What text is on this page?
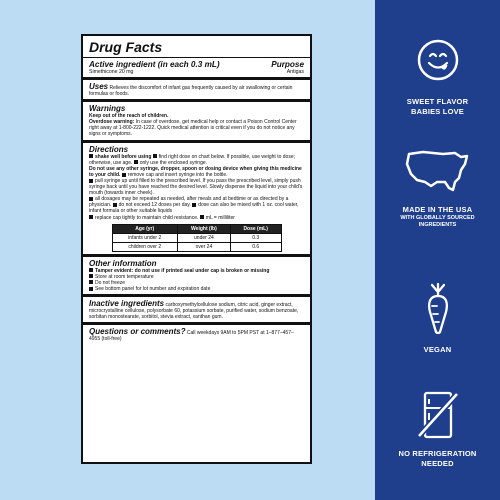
Drug Facts
Active ingredient (in each 0.3 mL)	Purpose
Simethicone 20 mg	Antigas
Uses Relieves the discomfort of infant gas frequently caused by air swallowing or certain formulas or foods.
Warnings
Keep out of the reach of children.
Overdose warning: In case of overdose, get medical help or contact a Poison Control Center right away at 1-800-222-1222. Quick medical attention is critical even if you do not notice any signs or symptoms.
Directions
shake well before using find right dose on chart below. If possible, use weight to dose; otherwise, use age. only use the enclosed syringe.
Do not use any other syringe, dropper, spoon or dosing device when giving this medicine to your child. remove cap and insert syringe into the bottle.
pull syringe up until filled to the prescribed level. If you pass the prescribed level, simply push syringe back until you have reached the desired level. Slowly dispense the liquid into your child's mouth (towards inner cheek).
all dosages may be repeated as needed, after meals and at bedtime or as directed by a physician. do not exceed 12 doses per day. dose can also be mixed with 1 oz. cool water, infant formula or other suitable liquids
replace cap tightly to maintain child resistance. mL = milliliter
Age (yr)	Weight (lb)	Dose (mL)
infants under 2	under 24	0.3
children over 2	over 24	0.6
Other information
Tamper evident: do not use if printed seal under cap is broken or missing
Store at room temperature
Do not freeze
See bottom panel for lot number and expiration date
Inactive ingredients carboxymethylcellulose sodium, citric acid, ginger extract, microcrystalline cellulose, polysorbate 60, potassium sorbate, purified water, sodium benzoate, sorbitan monostearate, sorbitol, stevia extract, xanthan gum.
Questions or comments? Call weekdays 9AM to 5PM PST at 1–877–457–4955 (toll-free)
SWEET FLAVOR
BABIES LOVE
MADE IN THE USA
WITH GLOBALLY SOURCED INGREDIENTS
VEGAN
NO REFRIGERATION
NEEDED
